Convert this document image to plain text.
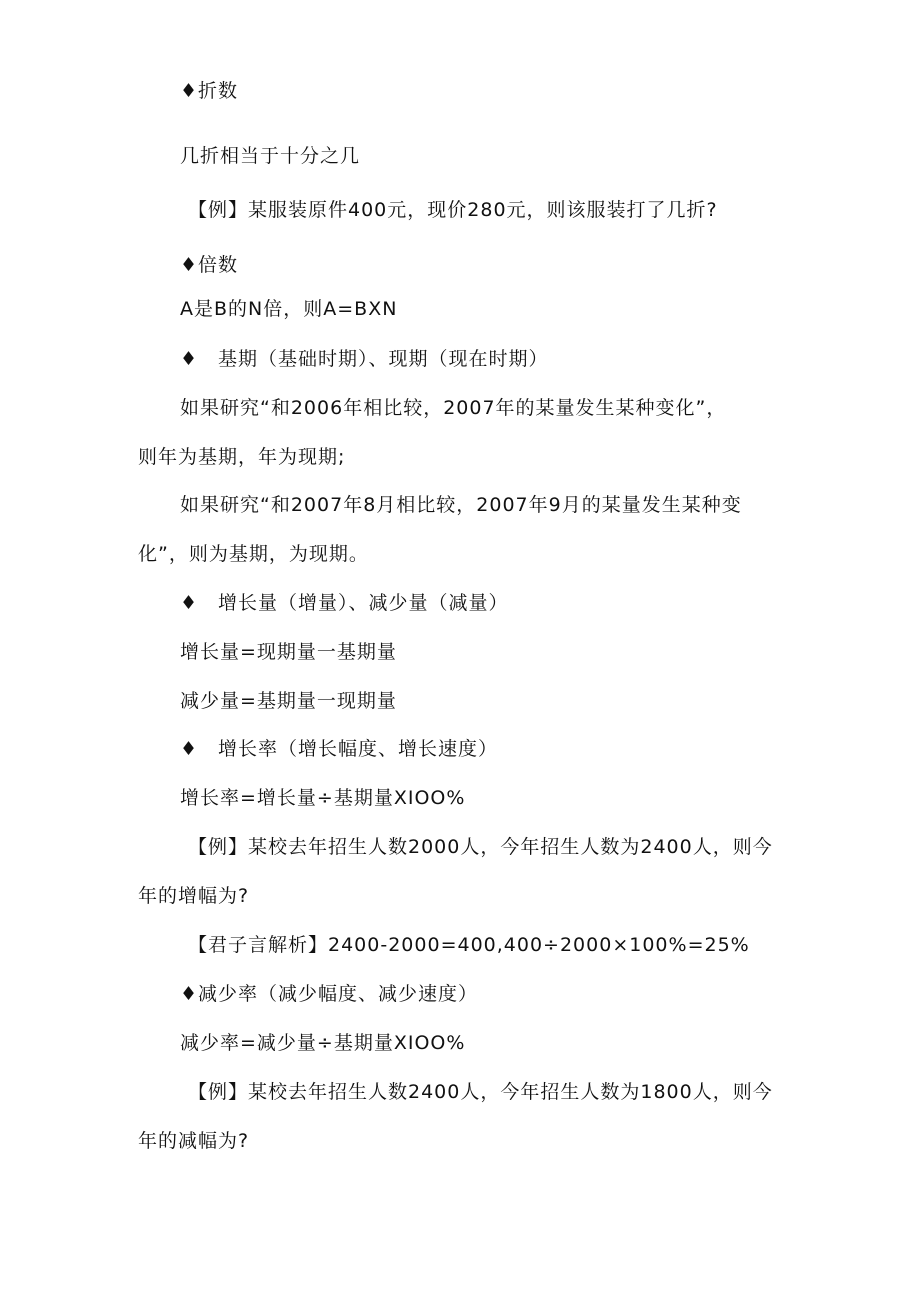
♦折数

几折相当于十分之几

【例】某服装原件400元，现价280元，则该服装打了几折?

♦倍数

A是B的N倍，则A=BXN

♦　基期（基础时期）、现期（现在时期）

如果研究“和2006年相比较，2007年的某量发生某种变化”，

则年为基期，年为现期;

如果研究“和2007年8月相比较，2007年9月的某量发生某种变

化”，则为基期，为现期。

♦　增长量（增量）、减少量（减量）

增长量=现期量一基期量

减少量=基期量一现期量

♦　增长率（增长幅度、增长速度）

增长率=增长量÷基期量XIOO%

【例】某校去年招生人数2000人，今年招生人数为2400人，则今

年的增幅为?

【君子言解析】2400-2000=400,400÷2000×100%=25%

♦减少率（减少幅度、减少速度）

减少率=减少量÷基期量XIOO%

【例】某校去年招生人数2400人，今年招生人数为1800人，则今

年的减幅为?
